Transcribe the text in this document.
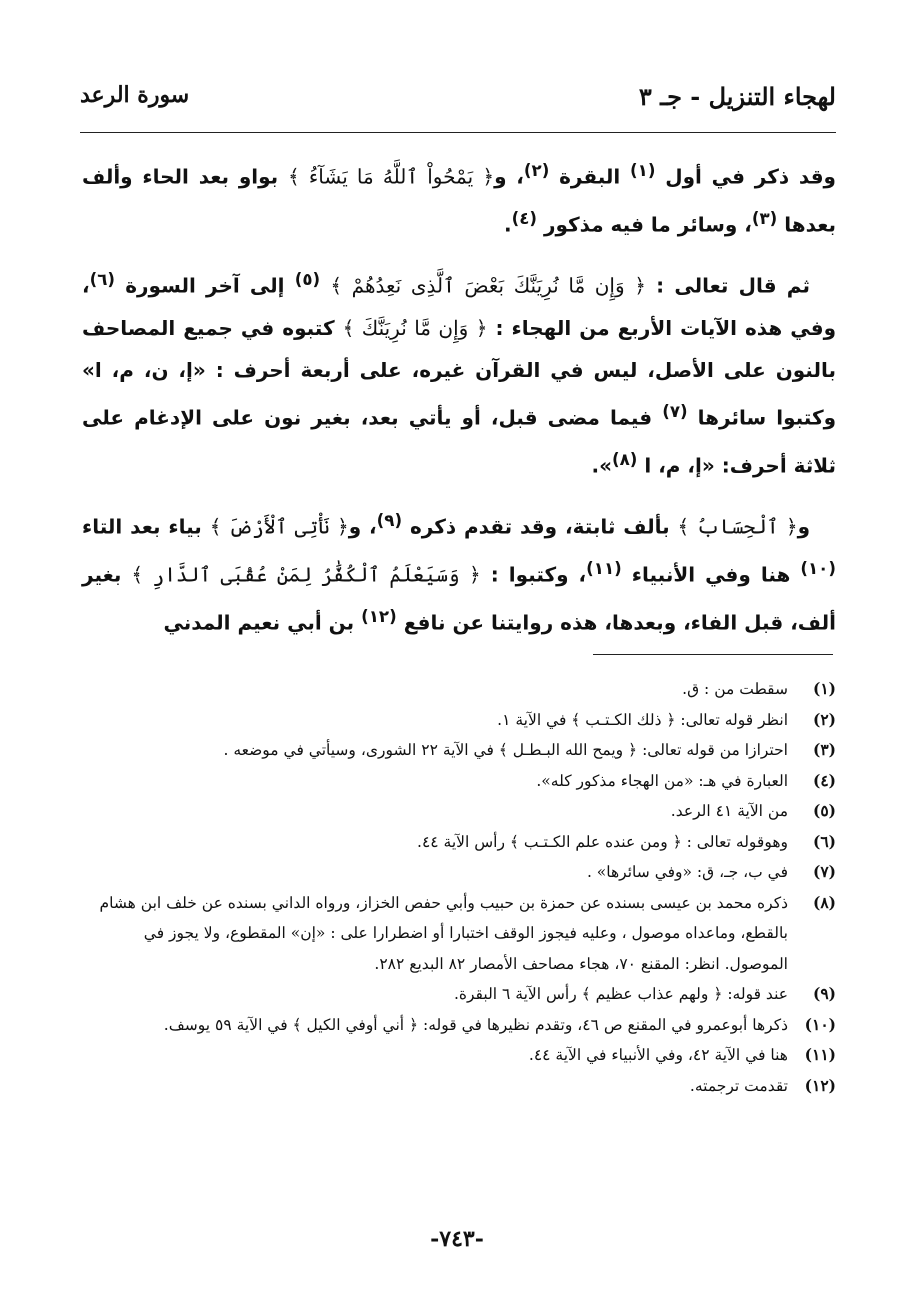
لهجاء التنزيل - جـ ٣
سورة الرعد

وقد ذكر في أول $^{(١)}$ البقرة $^{(٢)}$، و﴿ يَمْحُواْ ٱللَّهُ مَا يَشَآءُ ﴾ بواو بعد الحاء وألف بعدها $^{(٣)}$، وسائر ما فيه مذكور $^{(٤)}$.

ثم قال تعالى : ﴿ وَإِن مَّا نُرِيَنَّكَ بَعْضَ ٱلَّذِى نَعِدُهُمْ ﴾ $^{(٥)}$ إلى آخر السورة $^{(٦)}$، وفي هذه الآيات الأربع من الهجاء : ﴿ وَإِن مَّا نُرِيَنَّكَ ﴾ كتبوه في جميع المصاحف بالنون على الأصل، ليس في القرآن غيره، على أربعة أحرف : «إ، ن، م، ا» وكتبوا سائرها $^{(٧)}$ فيما مضى قبل، أو يأتي بعد، بغير نون على الإدغام على ثلاثة أحرف: «إ، م، ا $^{(٨)}$».

و﴿ ٱلْحِسَابُ ﴾ بألف ثابتة، وقد تقدم ذكره $^{(٩)}$، و﴿ نَأْتِى ٱلْأَرْضَ ﴾ بياء بعد التاء $^{(١٠)}$ هنا وفي الأنبياء $^{(١١)}$، وكتبوا : ﴿ وَسَيَعْلَمُ ٱلْكُفَّٰرُ لِمَنْ عُقْبَى ٱلدَّارِ ﴾ بغير ألف، قبل الفاء، وبعدها، هذه روايتنا عن نافع $^{(١٢)}$ بن أبي نعيم المدني

(١)
سقطت من : ق.
(٢)
انظر قوله تعالى: ﴿ ذلك الكـتـب ﴾ في الآية ١.
(٣)
احترازا من قوله تعالى: ﴿ ويمح الله البـطـل ﴾ في الآية ٢٢ الشورى، وسيأتي في موضعه .
(٤)
العبارة في هـ: «من الهجاء مذكور كله».
(٥)
من الآية ٤١ الرعد.
(٦)
وهوقوله تعالى : ﴿ ومن عنده علم الكـتـب ﴾ رأس الآية ٤٤.
(٧)
في ب، جـ، ق: «وفي سائرها» .
(٨)
ذكره محمد بن عيسى بسنده عن حمزة بن حبيب وأبي حفص الخزاز، ورواه الداني بسنده عن خلف ابن هشام بالقطع، وماعداه موصول ، وعليه فيجوز الوقف اختبارا أو اضطرارا على : «إن» المقطوع، ولا يجوز في الموصول. انظر: المقنع ٧٠، هجاء مصاحف الأمصار ٨٢ البديع ٢٨٢.
(٩)
عند قوله: ﴿ ولهم عذاب عظيم ﴾ رأس الآية ٦ البقرة.
(١٠)
ذكرها أبوعمرو في المقنع ص ٤٦، وتقدم نظيرها في قوله: ﴿ أني أوفي الكيل ﴾ في الآية ٥٩ يوسف.
(١١)
هنا في الآية ٤٢، وفي الأنبياء في الآية ٤٤.
(١٢)
تقدمت ترجمته.
-٧٤٣-
